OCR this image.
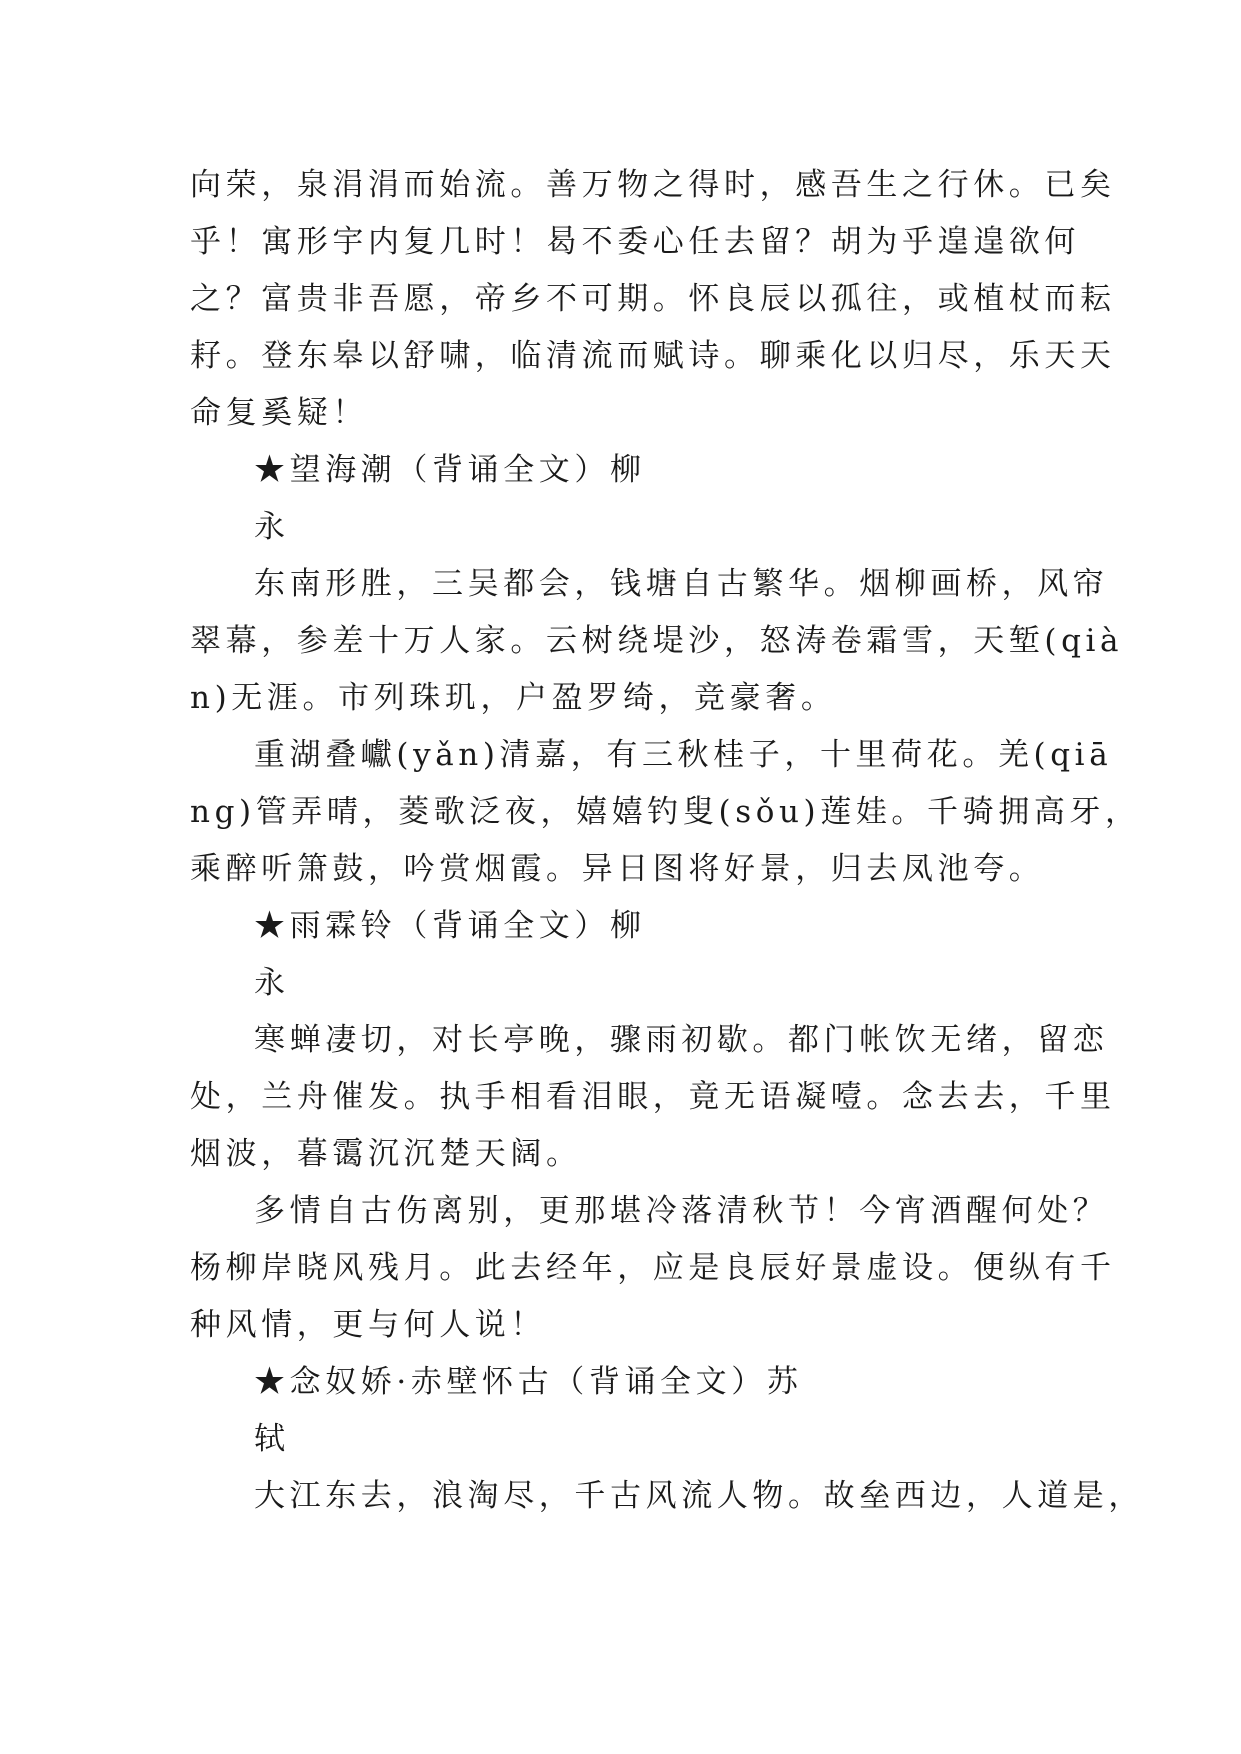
向荣，泉涓涓而始流。善万物之得时，感吾生之行休。已矣
乎！寓形宇内复几时！曷不委心任去留？胡为乎遑遑欲何
之？富贵非吾愿，帝乡不可期。怀良辰以孤往，或植杖而耘
耔。登东皋以舒啸，临清流而赋诗。聊乘化以归尽，乐天天
命复奚疑！
★望海潮（背诵全文）柳
永
东南形胜，三吴都会，钱塘自古繁华。烟柳画桥，风帘
翠幕，参差十万人家。云树绕堤沙，怒涛卷霜雪，天堑(qià
n)无涯。市列珠玑，户盈罗绮，竞豪奢。
重湖叠巘(yǎn)清嘉，有三秋桂子，十里荷花。羌(qiā
ng)管弄晴，菱歌泛夜，嬉嬉钓叟(sǒu)莲娃。千骑拥高牙，
乘醉听箫鼓，吟赏烟霞。异日图将好景，归去凤池夸。
★雨霖铃（背诵全文）柳
永
寒蝉凄切，对长亭晚，骤雨初歇。都门帐饮无绪，留恋
处，兰舟催发。执手相看泪眼，竟无语凝噎。念去去，千里
烟波，暮霭沉沉楚天阔。
多情自古伤离别，更那堪冷落清秋节！今宵酒醒何处？
杨柳岸晓风残月。此去经年，应是良辰好景虚设。便纵有千
种风情，更与何人说！
★念奴娇·赤壁怀古（背诵全文）苏
轼
大江东去，浪淘尽，千古风流人物。故垒西边，人道是，
